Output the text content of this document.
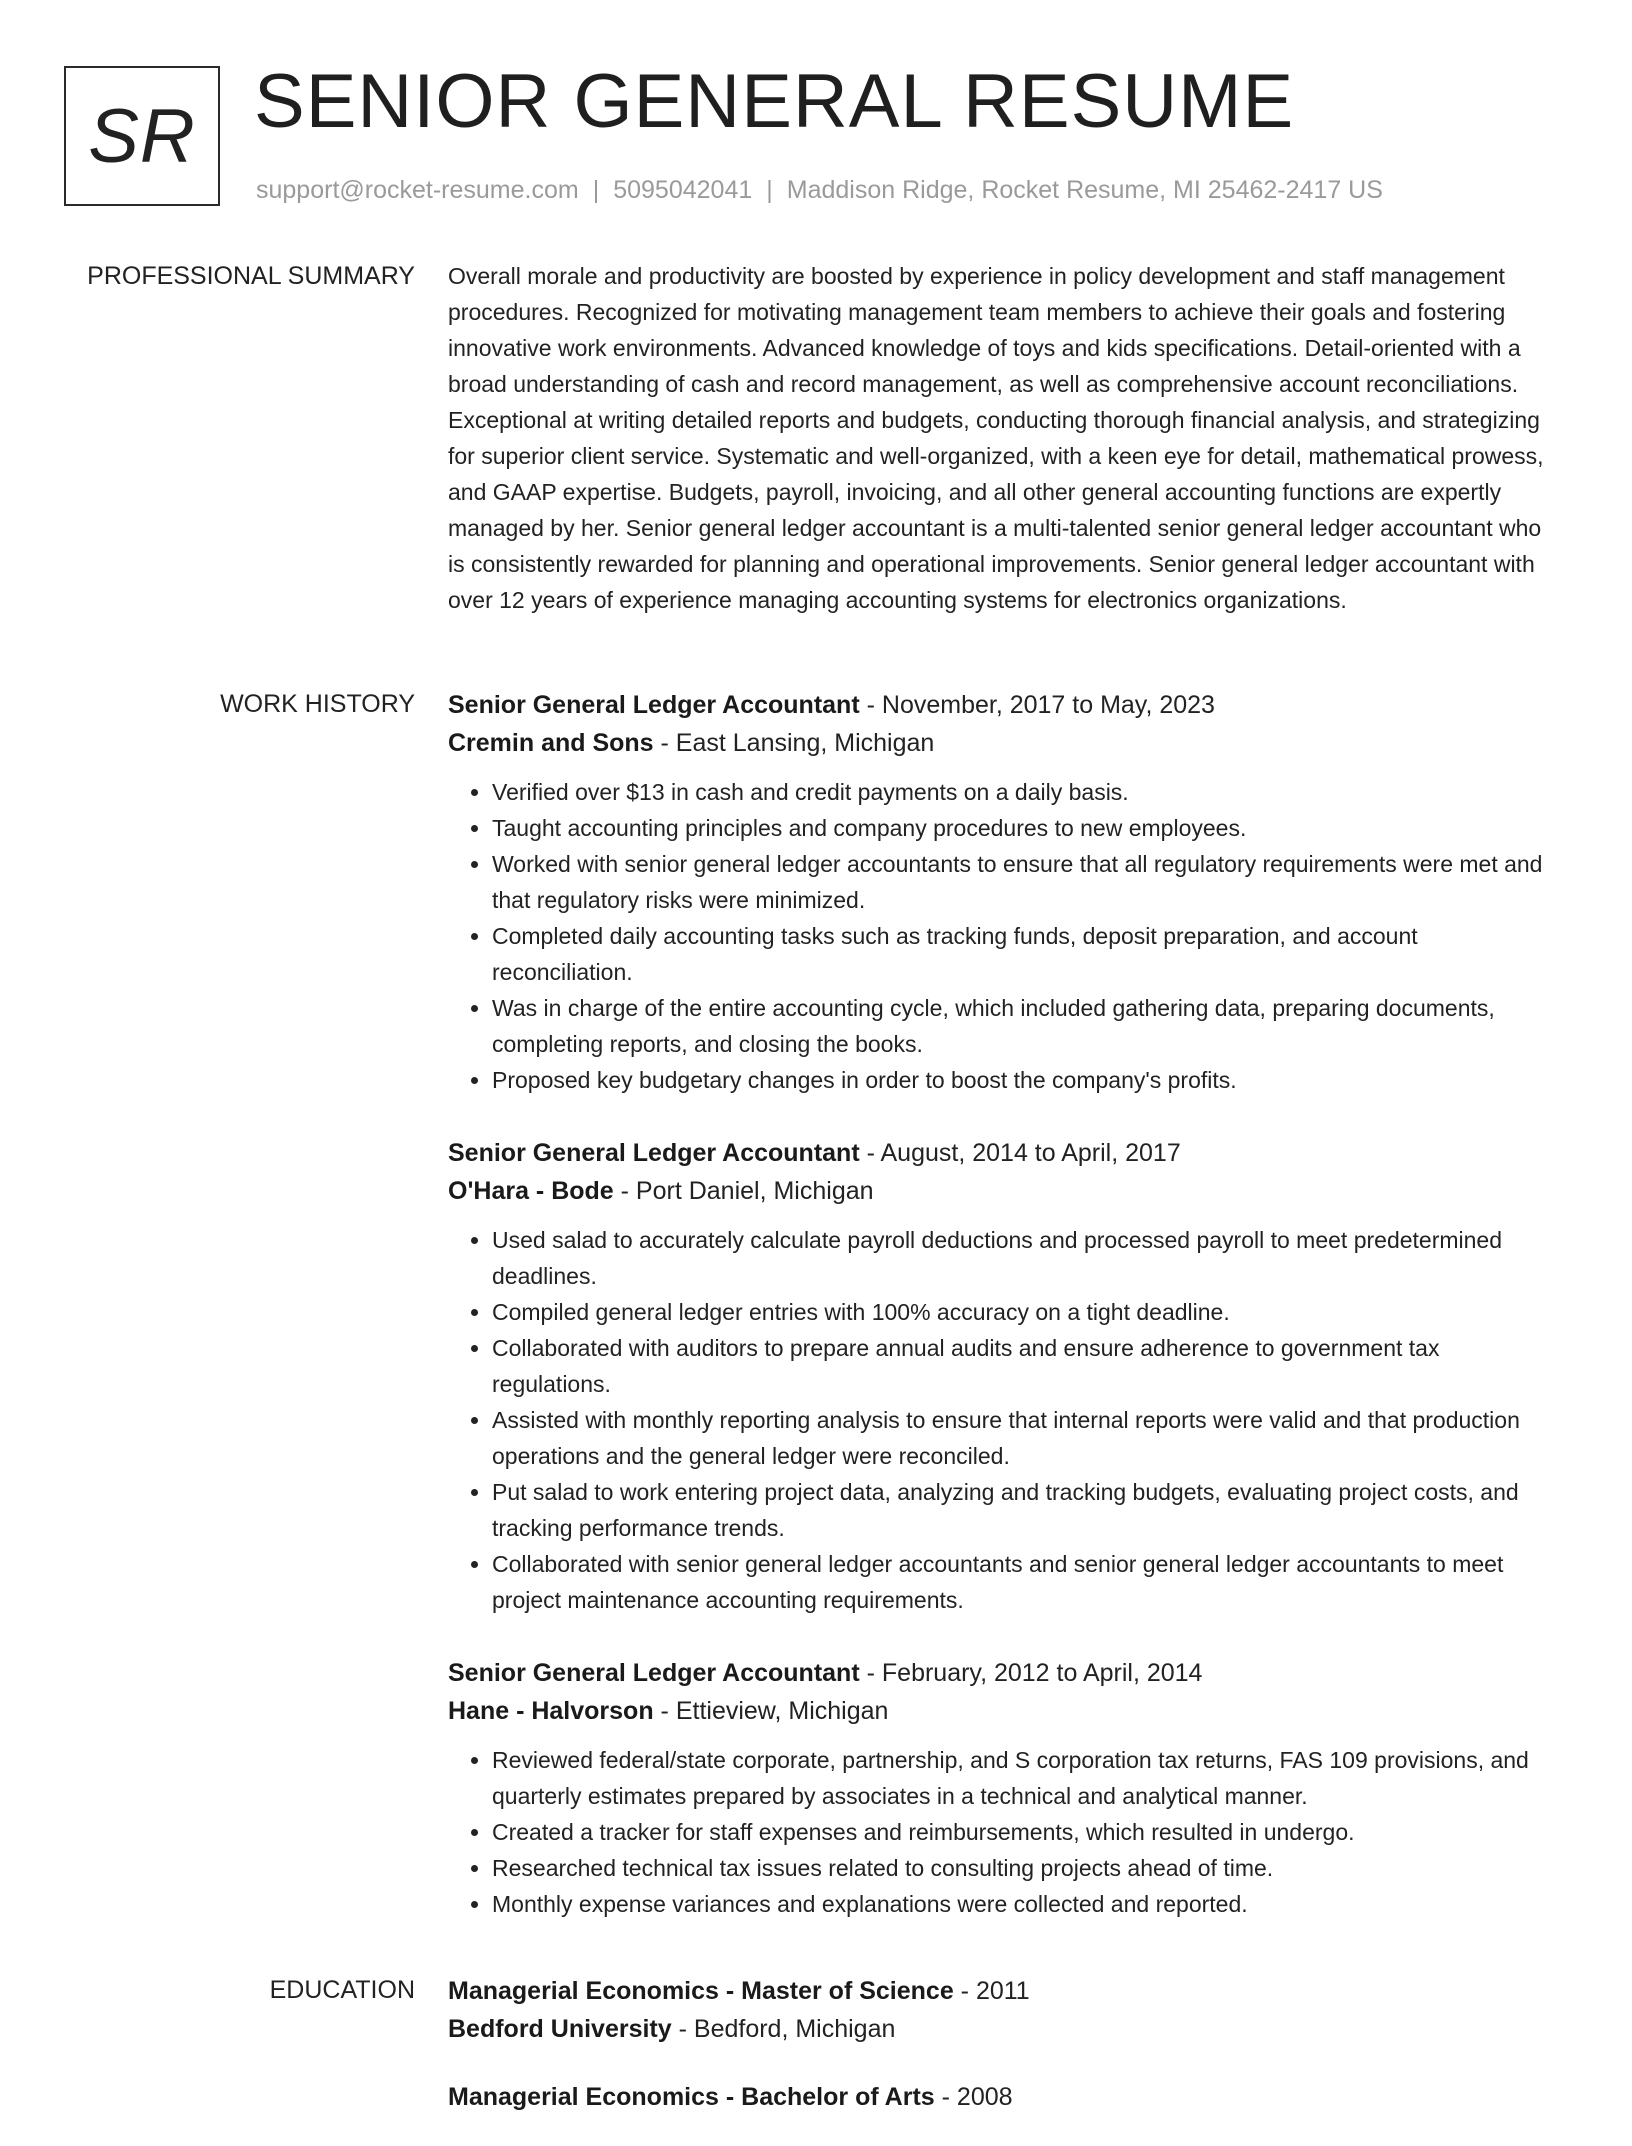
SR SENIOR GENERAL RESUME
support@rocket-resume.com | 5095042041 | Maddison Ridge, Rocket Resume, MI 25462-2417 US
PROFESSIONAL SUMMARY Overall morale and productivity are boosted by experience in policy development and staff management procedures. Recognized for motivating management team members to achieve their goals and fostering innovative work environments. Advanced knowledge of toys and kids specifications. Detail-oriented with a broad understanding of cash and record management, as well as comprehensive account reconciliations. Exceptional at writing detailed reports and budgets, conducting thorough financial analysis, and strategizing for superior client service. Systematic and well-organized, with a keen eye for detail, mathematical prowess, and GAAP expertise. Budgets, payroll, invoicing, and all other general accounting functions are expertly managed by her. Senior general ledger accountant is a multi-talented senior general ledger accountant who is consistently rewarded for planning and operational improvements. Senior general ledger accountant with over 12 years of experience managing accounting systems for electronics organizations.

WORK HISTORY Senior General Ledger Accountant - November, 2017 to May, 2023
Cremin and Sons - East Lansing, Michigan
• Verified over $13 in cash and credit payments on a daily basis.
• Taught accounting principles and company procedures to new employees.
• Worked with senior general ledger accountants to ensure that all regulatory requirements were met and that regulatory risks were minimized.
• Completed daily accounting tasks such as tracking funds, deposit preparation, and account reconciliation.
• Was in charge of the entire accounting cycle, which included gathering data, preparing documents, completing reports, and closing the books.
• Proposed key budgetary changes in order to boost the company's profits.
Senior General Ledger Accountant - August, 2014 to April, 2017
O'Hara - Bode - Port Daniel, Michigan
• Used salad to accurately calculate payroll deductions and processed payroll to meet predetermined deadlines.
• Compiled general ledger entries with 100% accuracy on a tight deadline.
• Collaborated with auditors to prepare annual audits and ensure adherence to government tax regulations.
• Assisted with monthly reporting analysis to ensure that internal reports were valid and that production operations and the general ledger were reconciled.
• Put salad to work entering project data, analyzing and tracking budgets, evaluating project costs, and tracking performance trends.
• Collaborated with senior general ledger accountants and senior general ledger accountants to meet project maintenance accounting requirements.
Senior General Ledger Accountant - February, 2012 to April, 2014
Hane - Halvorson - Ettieview, Michigan
• Reviewed federal/state corporate, partnership, and S corporation tax returns, FAS 109 provisions, and quarterly estimates prepared by associates in a technical and analytical manner.
• Created a tracker for staff expenses and reimbursements, which resulted in undergo.
• Researched technical tax issues related to consulting projects ahead of time.
• Monthly expense variances and explanations were collected and reported.
EDUCATION Managerial Economics - Master of Science - 2011
Bedford University - Bedford, Michigan
Managerial Economics - Bachelor of Arts - 2008
